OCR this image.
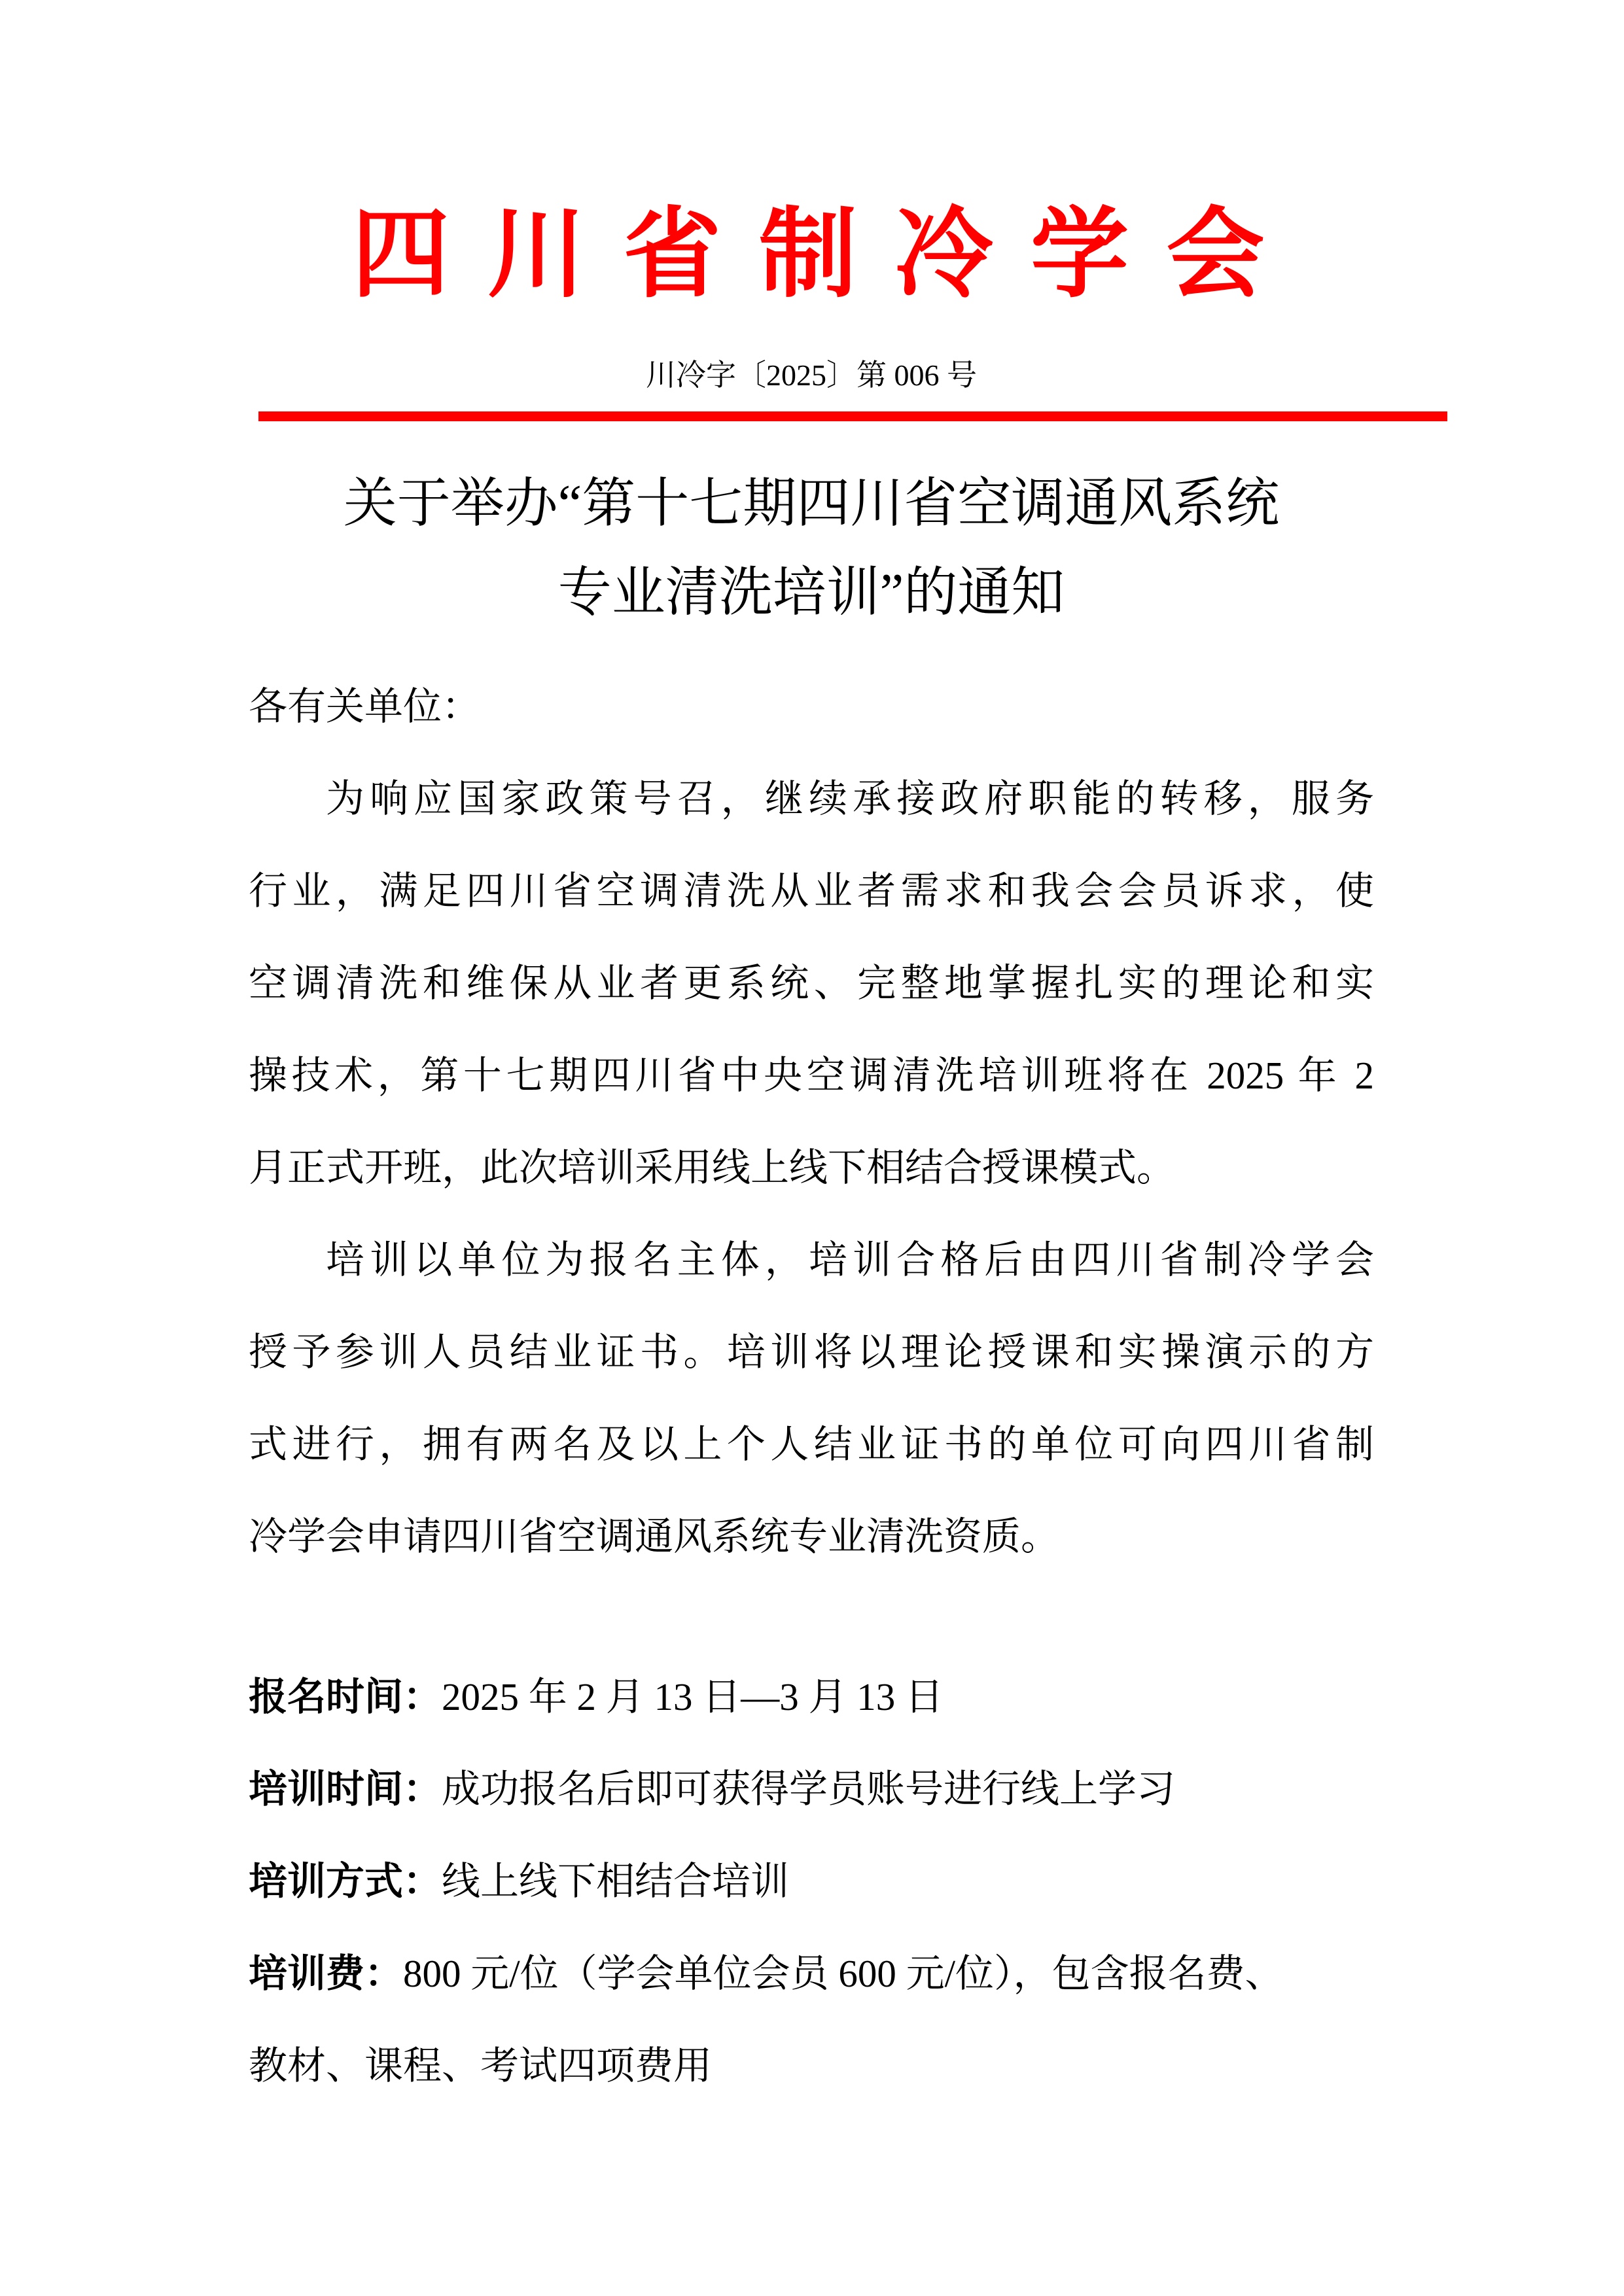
四 川 省 制 冷 学 会
川冷字〔2025〕第 006 号
关于举办“第十七期四川省空调通风系统
专业清洗培训”的通知
各有关单位：
为响应国家政策号召，继续承接政府职能的转移，服务
行业，满足四川省空调清洗从业者需求和我会会员诉求，使
空调清洗和维保从业者更系统、完整地掌握扎实的理论和实
操技术，第十七期四川省中央空调清洗培训班将在 2025 年 2
月正式开班，此次培训采用线上线下相结合授课模式。
培训以单位为报名主体，培训合格后由四川省制冷学会
授予参训人员结业证书。培训将以理论授课和实操演示的方
式进行，拥有两名及以上个人结业证书的单位可向四川省制
冷学会申请四川省空调通风系统专业清洗资质。
报名时间：2025 年 2 月 13 日—3 月 13 日
培训时间：成功报名后即可获得学员账号进行线上学习
培训方式：线上线下相结合培训
培训费：800 元/位（学会单位会员 600 元/位），包含报名费、
教材、课程、考试四项费用
